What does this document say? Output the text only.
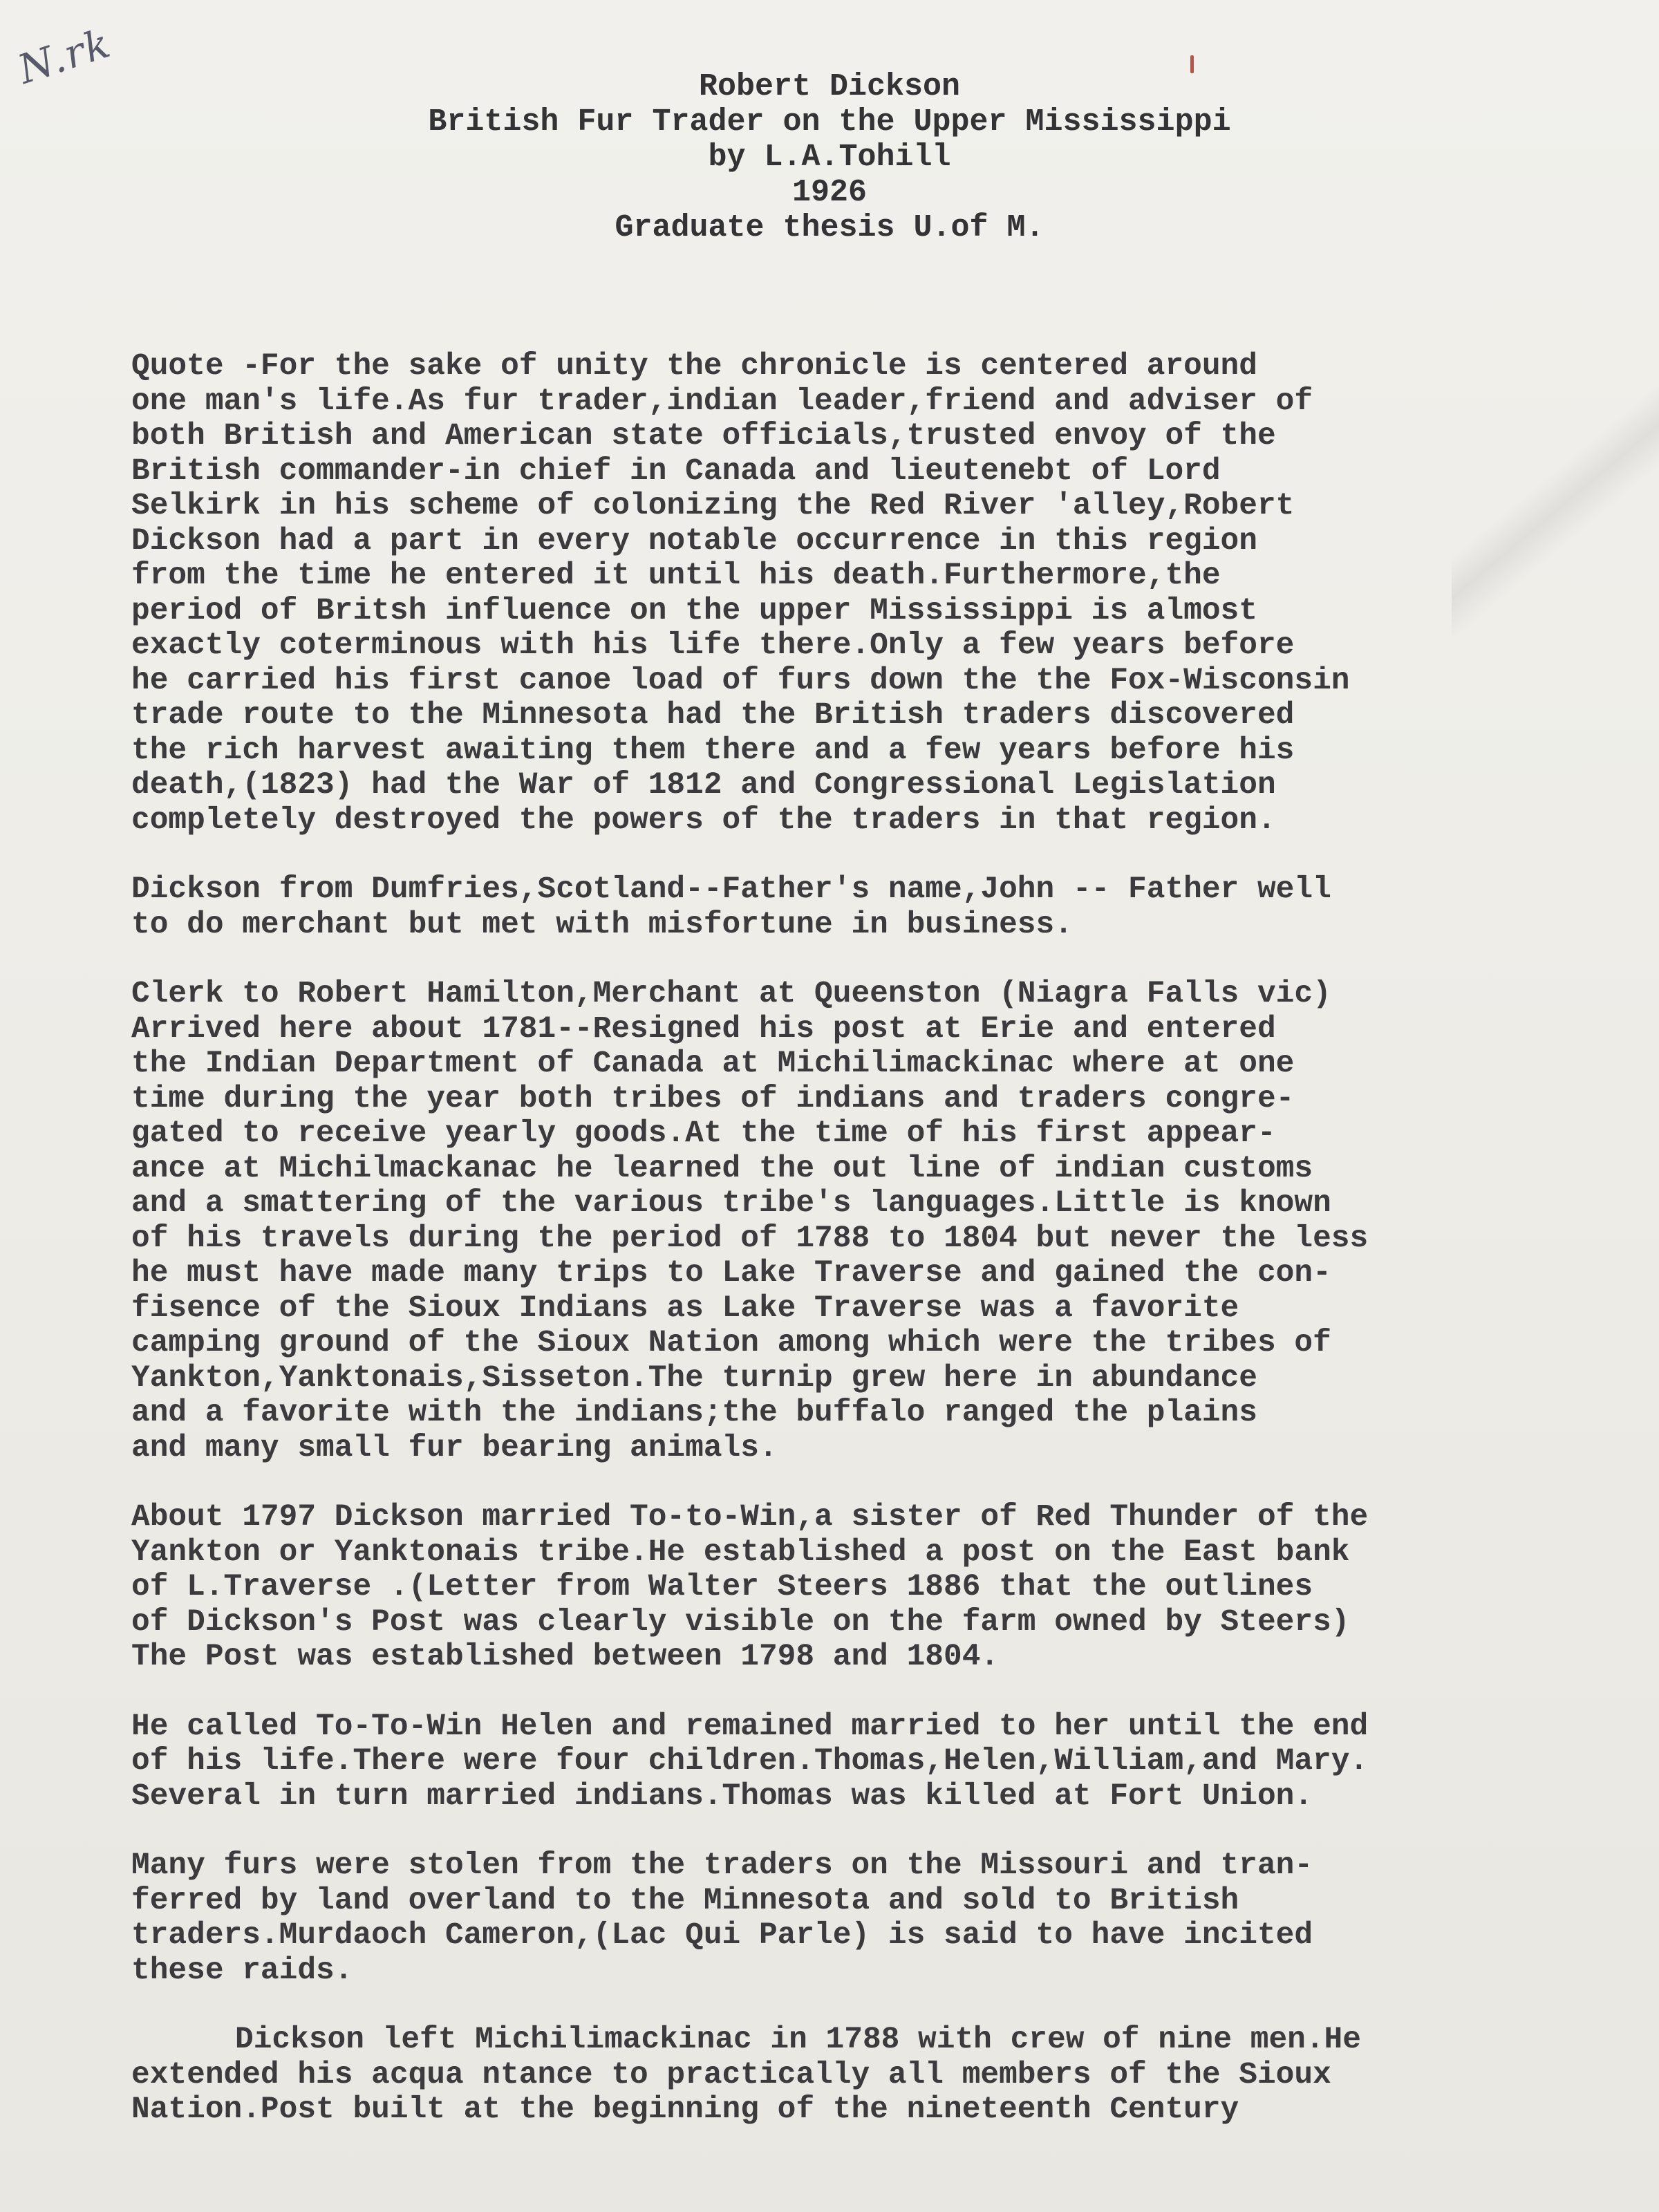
N.rk	Robert Dickson
British Fur Trader on the Upper Mississippi
by L.A.Tohill
1926
Graduate thesis U.of M.
Quote -For the sake of unity the chronicle is centered around
one man's life.As fur trader,indian leader,friend and adviser of
both British and American state officials,trusted envoy of the
British commander-in chief in Canada and lieutenebt of Lord
Selkirk in his scheme of colonizing the Red River 'alley,Robert
Dickson had a part in every notable occurrence in this region
from the time he entered it until his death.Furthermore,the
period of Britsh influence on the upper Mississippi is almost
exactly coterminous with his life there.Only a few years before
he carried his first canoe load of furs down the the Fox-Wisconsin
trade route to the Minnesota had the British traders discovered
the rich harvest awaiting them there and a few years before his
death,(1823) had the War of 1812 and Congressional Legislation
completely destroyed the powers of the traders in that region.
Dickson from Dumfries,Scotland--Father's name,John -- Father well
to do merchant but met with misfortune in business.
Clerk to Robert Hamilton,Merchant at Queenston (Niagra Falls vic)
Arrived here about 1781--Resigned his post at Erie and entered
the Indian Department of Canada at Michilimackinac where at one
time during the year both tribes of indians and traders congre-
gated to receive yearly goods.At the time of his first appear-
ance at Michilmackanac he learned the out line of indian customs
and a smattering of the various tribe's languages.Little is known
of his travels during the period of 1788 to 1804 but never the less
he must have made many trips to Lake Traverse and gained the con-
fisence of the Sioux Indians as Lake Traverse was a favorite
camping ground of the Sioux Nation among which were the tribes of
Yankton,Yanktonais,Sisseton.The turnip grew here in abundance
and a favorite with the indians;the buffalo ranged the plains
and many small fur bearing animals.
About 1797 Dickson married To-to-Win,a sister of Red Thunder of the
Yankton or Yanktonais tribe.He established a post on the East bank
of L.Traverse .(Letter from Walter Steers 1886 that the outlines
of Dickson's Post was clearly visible on the farm owned by Steers)
The Post was established between 1798 and 1804.
He called To-To-Win Helen and remained married to her until the end
of his life.There were four children.Thomas,Helen,William,and Mary.
Several in turn married indians.Thomas was killed at Fort Union.
Many furs were stolen from the traders on the Missouri and tran-
ferred by land overland to the Minnesota and sold to British
traders.Murdaoch Cameron,(Lac Qui Parle) is said to have incited
these raids.
Dickson left Michilimackinac in 1788 with crew of nine men.He
extended his acqua ntance to practically all members of the Sioux
Nation.Post built at the beginning of the nineteenth Century
